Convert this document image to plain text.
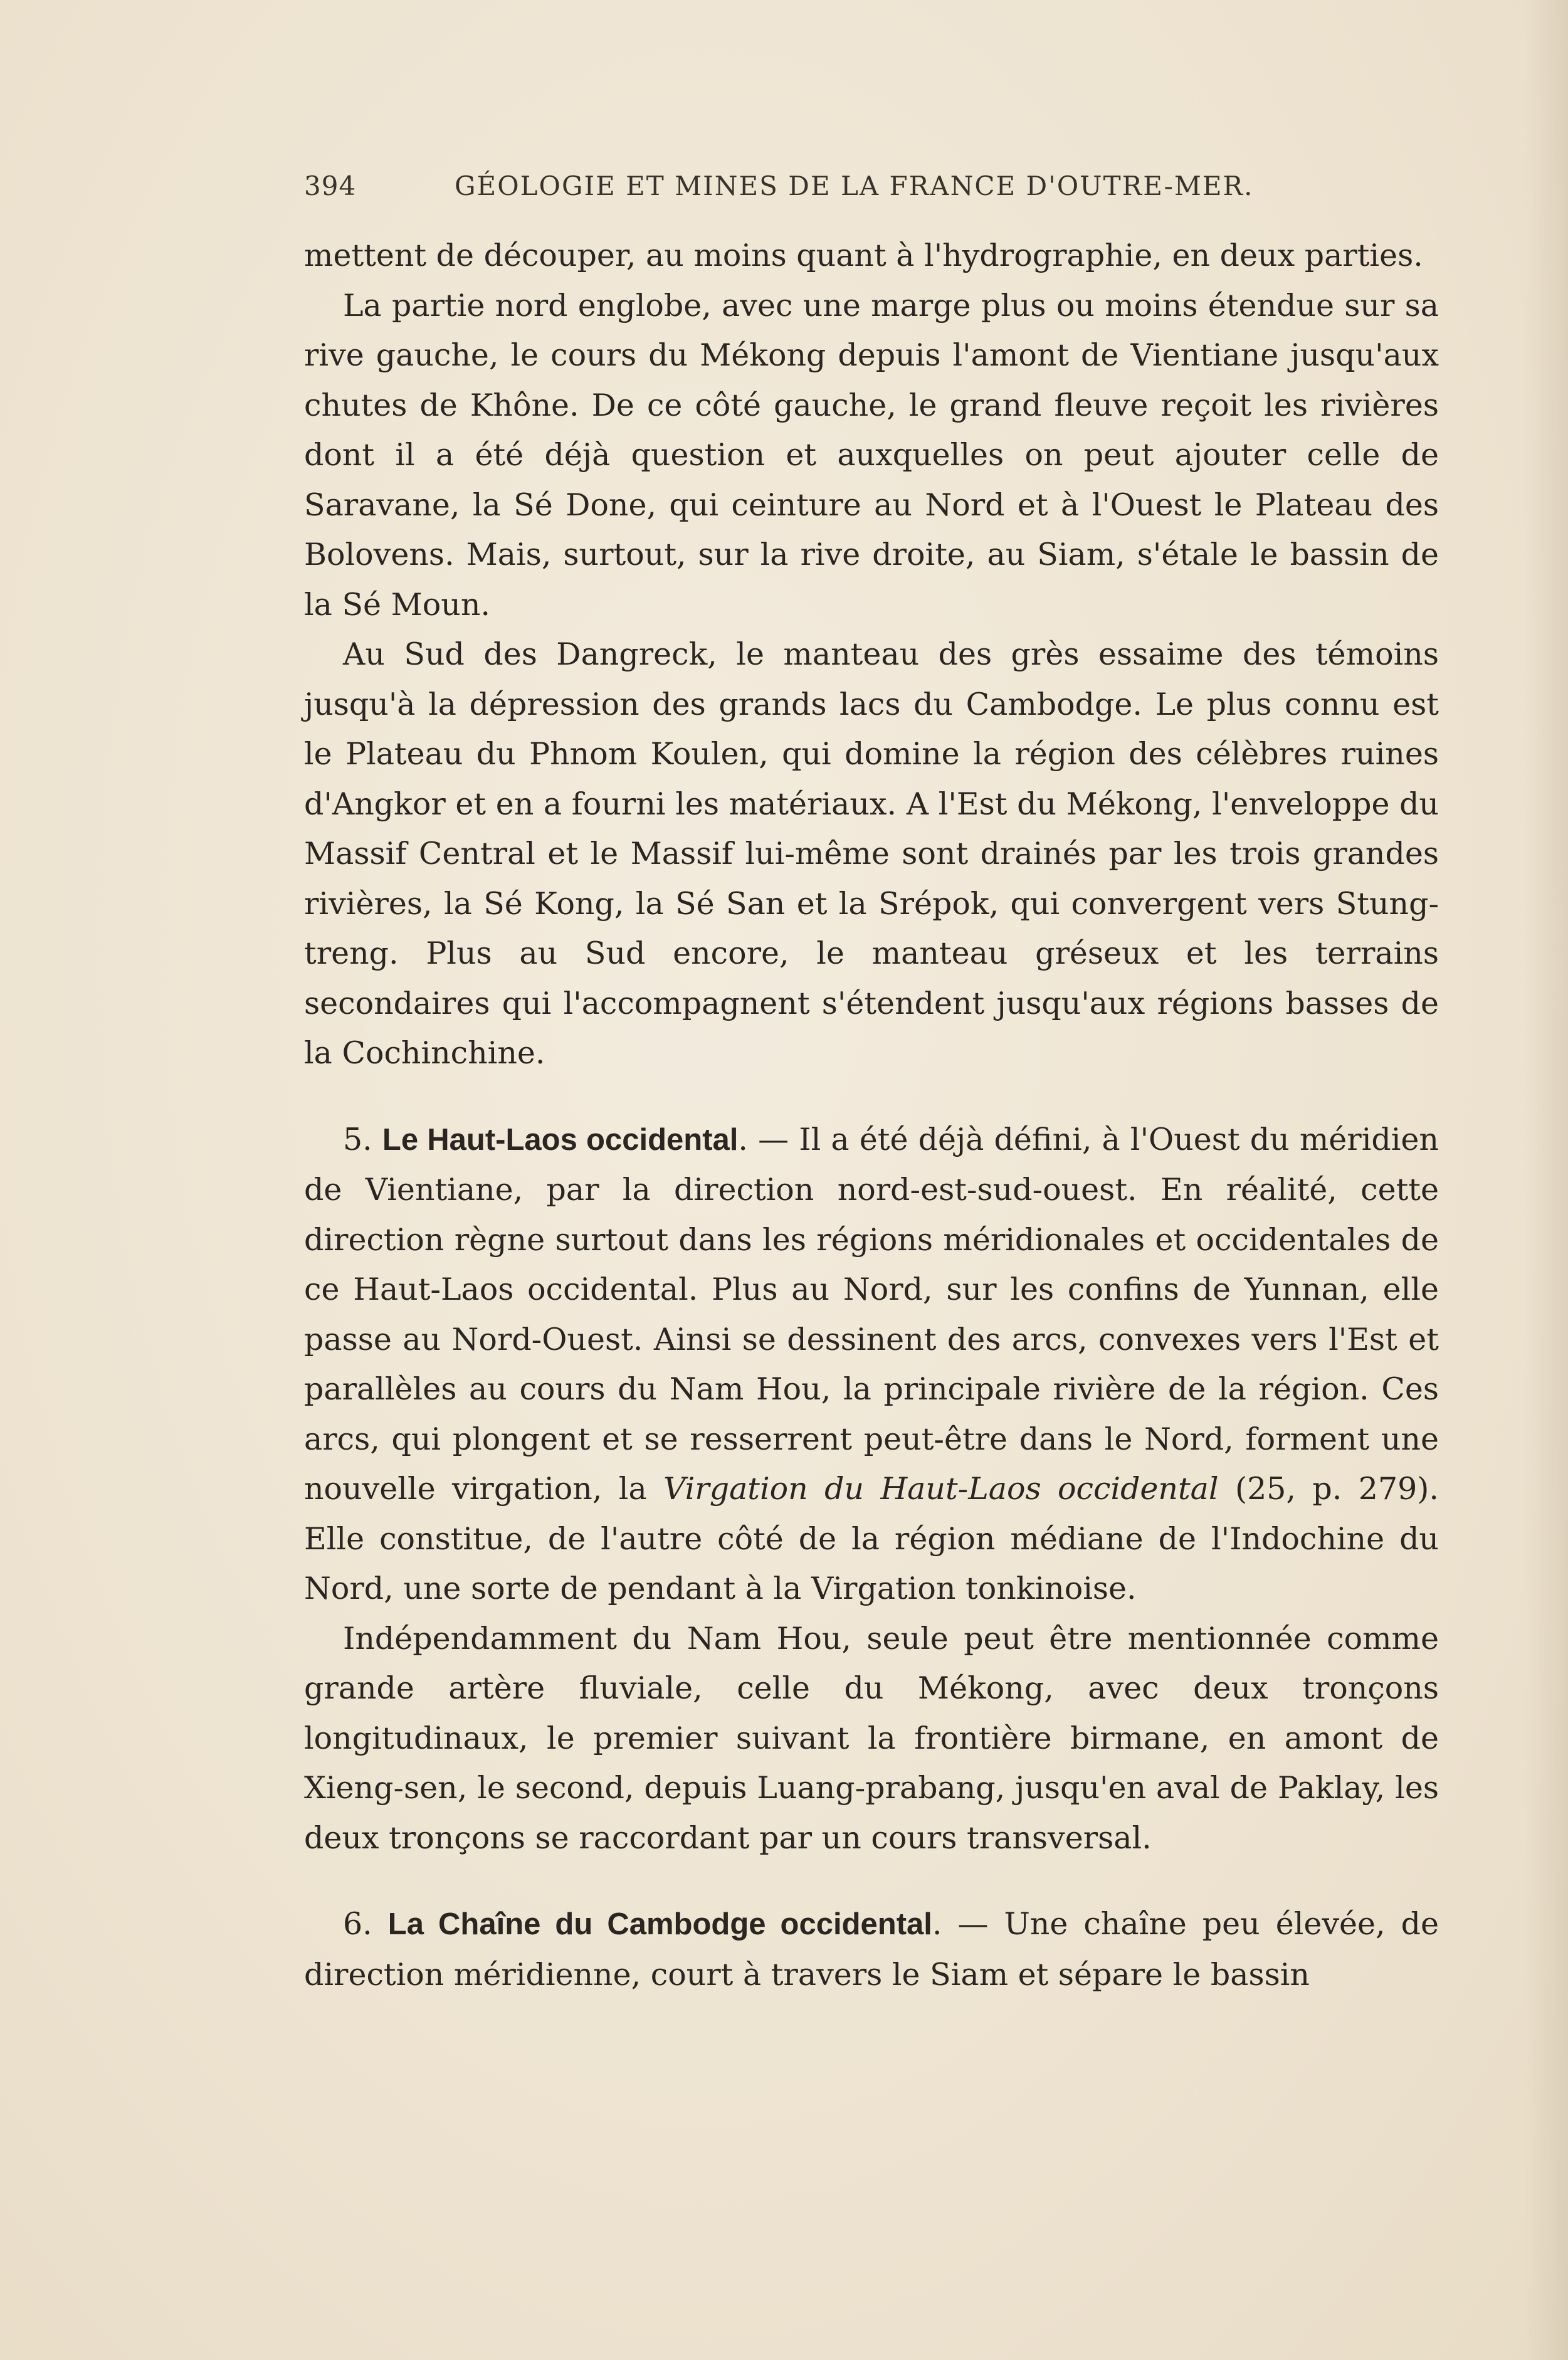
394	GÉOLOGIE ET MINES DE LA FRANCE D'OUTRE-MER.

mettent de découper, au moins quant à l'hydrographie, en deux parties.

La partie nord englobe, avec une marge plus ou moins étendue sur sa rive gauche, le cours du Mékong depuis l'amont de Vientiane jusqu'aux chutes de Khône. De ce côté gauche, le grand fleuve reçoit les rivières dont il a été déjà question et auxquelles on peut ajouter celle de Saravane, la Sé Done, qui ceinture au Nord et à l'Ouest le Plateau des Bolovens. Mais, surtout, sur la rive droite, au Siam, s'étale le bassin de la Sé Moun.

Au Sud des Dangreck, le manteau des grès essaime des témoins jusqu'à la dépression des grands lacs du Cambodge. Le plus connu est le Plateau du Phnom Koulen, qui domine la région des célèbres ruines d'Angkor et en a fourni les matériaux. A l'Est du Mékong, l'enveloppe du Massif Central et le Massif lui-même sont drainés par les trois grandes rivières, la Sé Kong, la Sé San et la Srépok, qui convergent vers Stung-treng. Plus au Sud encore, le manteau gréseux et les terrains secondaires qui l'accompagnent s'étendent jusqu'aux régions basses de la Cochinchine.

5. Le Haut-Laos occidental. — Il a été déjà défini, à l'Ouest du méridien de Vientiane, par la direction nord-est-sud-ouest. En réalité, cette direction règne surtout dans les régions méridionales et occidentales de ce Haut-Laos occidental. Plus au Nord, sur les confins de Yunnan, elle passe au Nord-Ouest. Ainsi se dessinent des arcs, convexes vers l'Est et parallèles au cours du Nam Hou, la principale rivière de la région. Ces arcs, qui plongent et se resserrent peut-être dans le Nord, forment une nouvelle virgation, la Virgation du Haut-Laos occidental (25, p. 279). Elle constitue, de l'autre côté de la région médiane de l'Indochine du Nord, une sorte de pendant à la Virgation tonkinoise.

Indépendamment du Nam Hou, seule peut être mentionnée comme grande artère fluviale, celle du Mékong, avec deux tronçons longitudinaux, le premier suivant la frontière birmane, en amont de Xieng-sen, le second, depuis Luang-prabang, jusqu'en aval de Paklay, les deux tronçons se raccordant par un cours transversal.

6. La Chaîne du Cambodge occidental. — Une chaîne peu élevée, de direction méridienne, court à travers le Siam et sépare le bassin
